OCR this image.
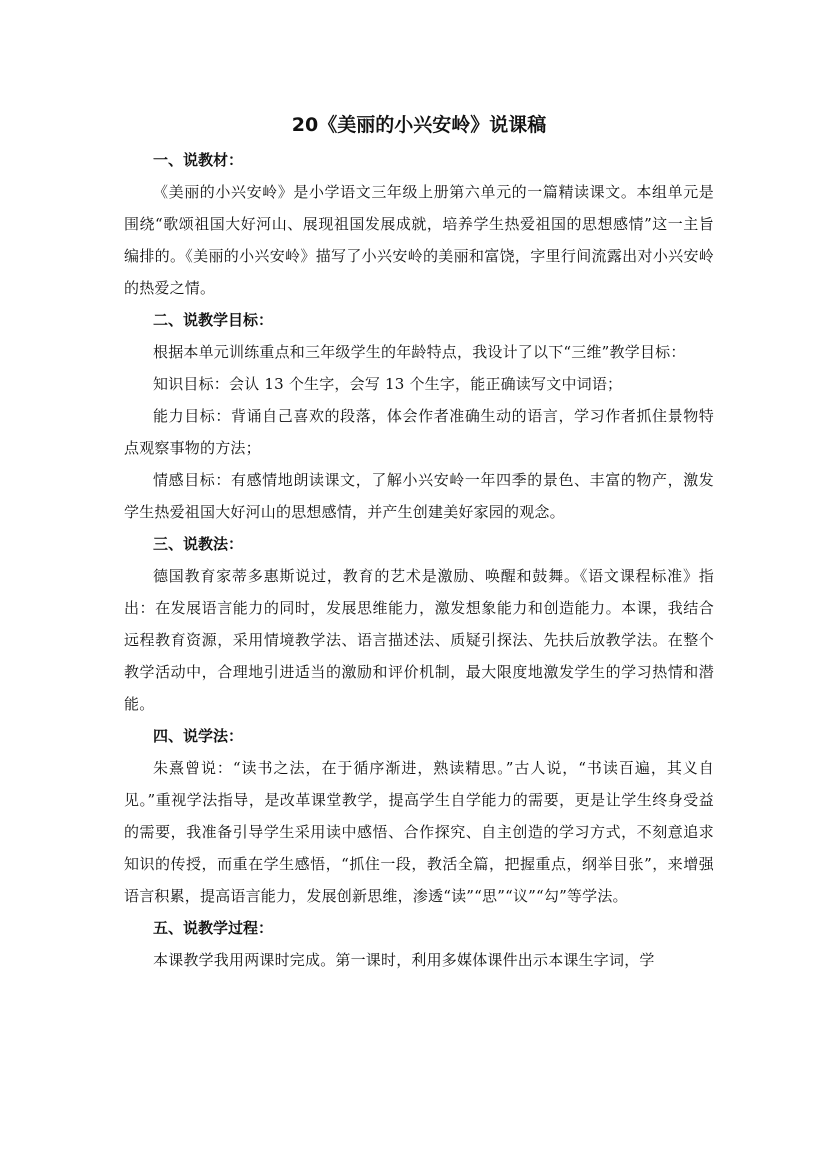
20《美丽的小兴安岭》说课稿

一、说教材：

《美丽的小兴安岭》是小学语文三年级上册第六单元的一篇精读课文。本组单元是围绕“歌颂祖国大好河山、展现祖国发展成就，培养学生热爱祖国的思想感情”这一主旨编排的。《美丽的小兴安岭》描写了小兴安岭的美丽和富饶，字里行间流露出对小兴安岭的热爱之情。

二、说教学目标：

根据本单元训练重点和三年级学生的年龄特点，我设计了以下“三维”教学目标：

知识目标：会认 13 个生字，会写 13 个生字，能正确读写文中词语；

能力目标：背诵自己喜欢的段落，体会作者准确生动的语言，学习作者抓住景物特点观察事物的方法；

情感目标：有感情地朗读课文，了解小兴安岭一年四季的景色、丰富的物产，激发学生热爱祖国大好河山的思想感情，并产生创建美好家园的观念。

三、说教法：

德国教育家蒂多惠斯说过，教育的艺术是激励、唤醒和鼓舞。《语文课程标准》指出：在发展语言能力的同时，发展思维能力，激发想象能力和创造能力。本课，我结合远程教育资源，采用情境教学法、语言描述法、质疑引探法、先扶后放教学法。在整个教学活动中，合理地引进适当的激励和评价机制，最大限度地激发学生的学习热情和潜能。

四、说学法：

朱熹曾说：“读书之法，在于循序渐进，熟读精思。”古人说，“书读百遍，其义自见。”重视学法指导，是改革课堂教学，提高学生自学能力的需要，更是让学生终身受益的需要，我准备引导学生采用读中感悟、合作探究、自主创造的学习方式，不刻意追求知识的传授，而重在学生感悟，“抓住一段，教活全篇，把握重点，纲举目张”，来增强语言积累，提高语言能力，发展创新思维，渗透“读”“思”“议”“勾”等学法。

五、说教学过程：

本课教学我用两课时完成。第一课时，利用多媒体课件出示本课生字词，学
